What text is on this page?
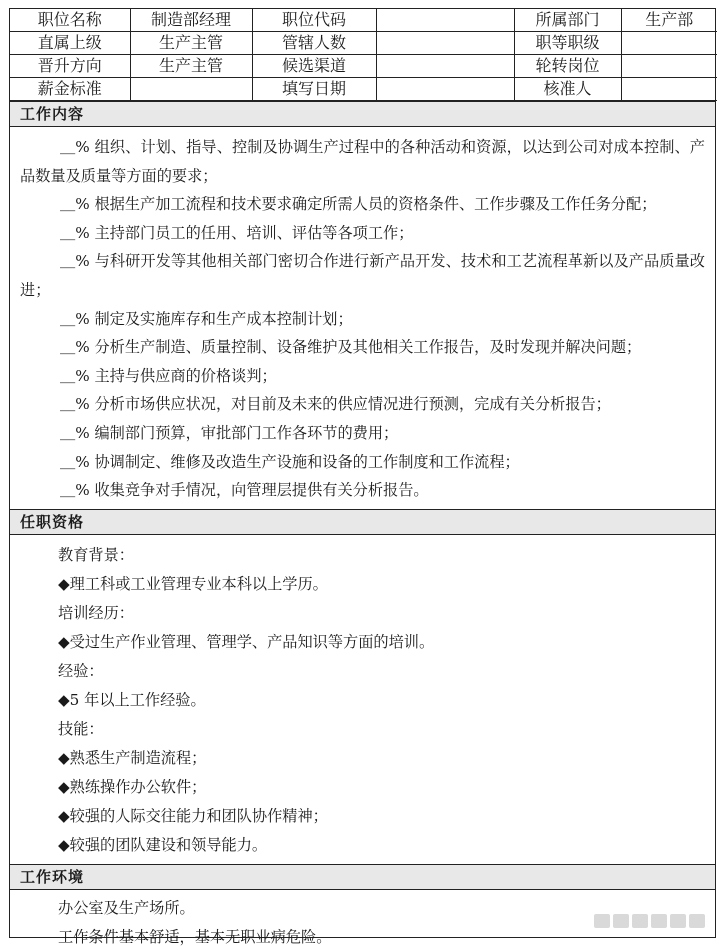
职位名称	制造部经理	职位代码		所属部门	生产部
直属上级	生产主管	管辖人数		职等职级	
晋升方向	生产主管	候选渠道		轮转岗位	
薪金标准		填写日期		核准人	
工作内容

＿% 组织、计划、指导、控制及协调生产过程中的各种活动和资源，以达到公司对成本控制、产品数量及质量等方面的要求；

＿% 根据生产加工流程和技术要求确定所需人员的资格条件、工作步骤及工作任务分配；

＿% 主持部门员工的任用、培训、评估等各项工作；

＿% 与科研开发等其他相关部门密切合作进行新产品开发、技术和工艺流程革新以及产品质量改进；

＿% 制定及实施库存和生产成本控制计划；

＿% 分析生产制造、质量控制、设备维护及其他相关工作报告，及时发现并解决问题；

＿% 主持与供应商的价格谈判；

＿% 分析市场供应状况，对目前及未来的供应情况进行预测，完成有关分析报告；

＿% 编制部门预算，审批部门工作各环节的费用；

＿% 协调制定、维修及改造生产设施和设备的工作制度和工作流程；

＿% 收集竞争对手情况，向管理层提供有关分析报告。

任职资格

教育背景：

◆理工科或工业管理专业本科以上学历。

培训经历：

◆受过生产作业管理、管理学、产品知识等方面的培训。

经验：

◆5 年以上工作经验。

技能：

◆熟悉生产制造流程；

◆熟练操作办公软件；

◆较强的人际交往能力和团队协作精神；

◆较强的团队建设和领导能力。

工作环境

办公室及生产场所。

工作条件基本舒适，基本无职业病危险。
